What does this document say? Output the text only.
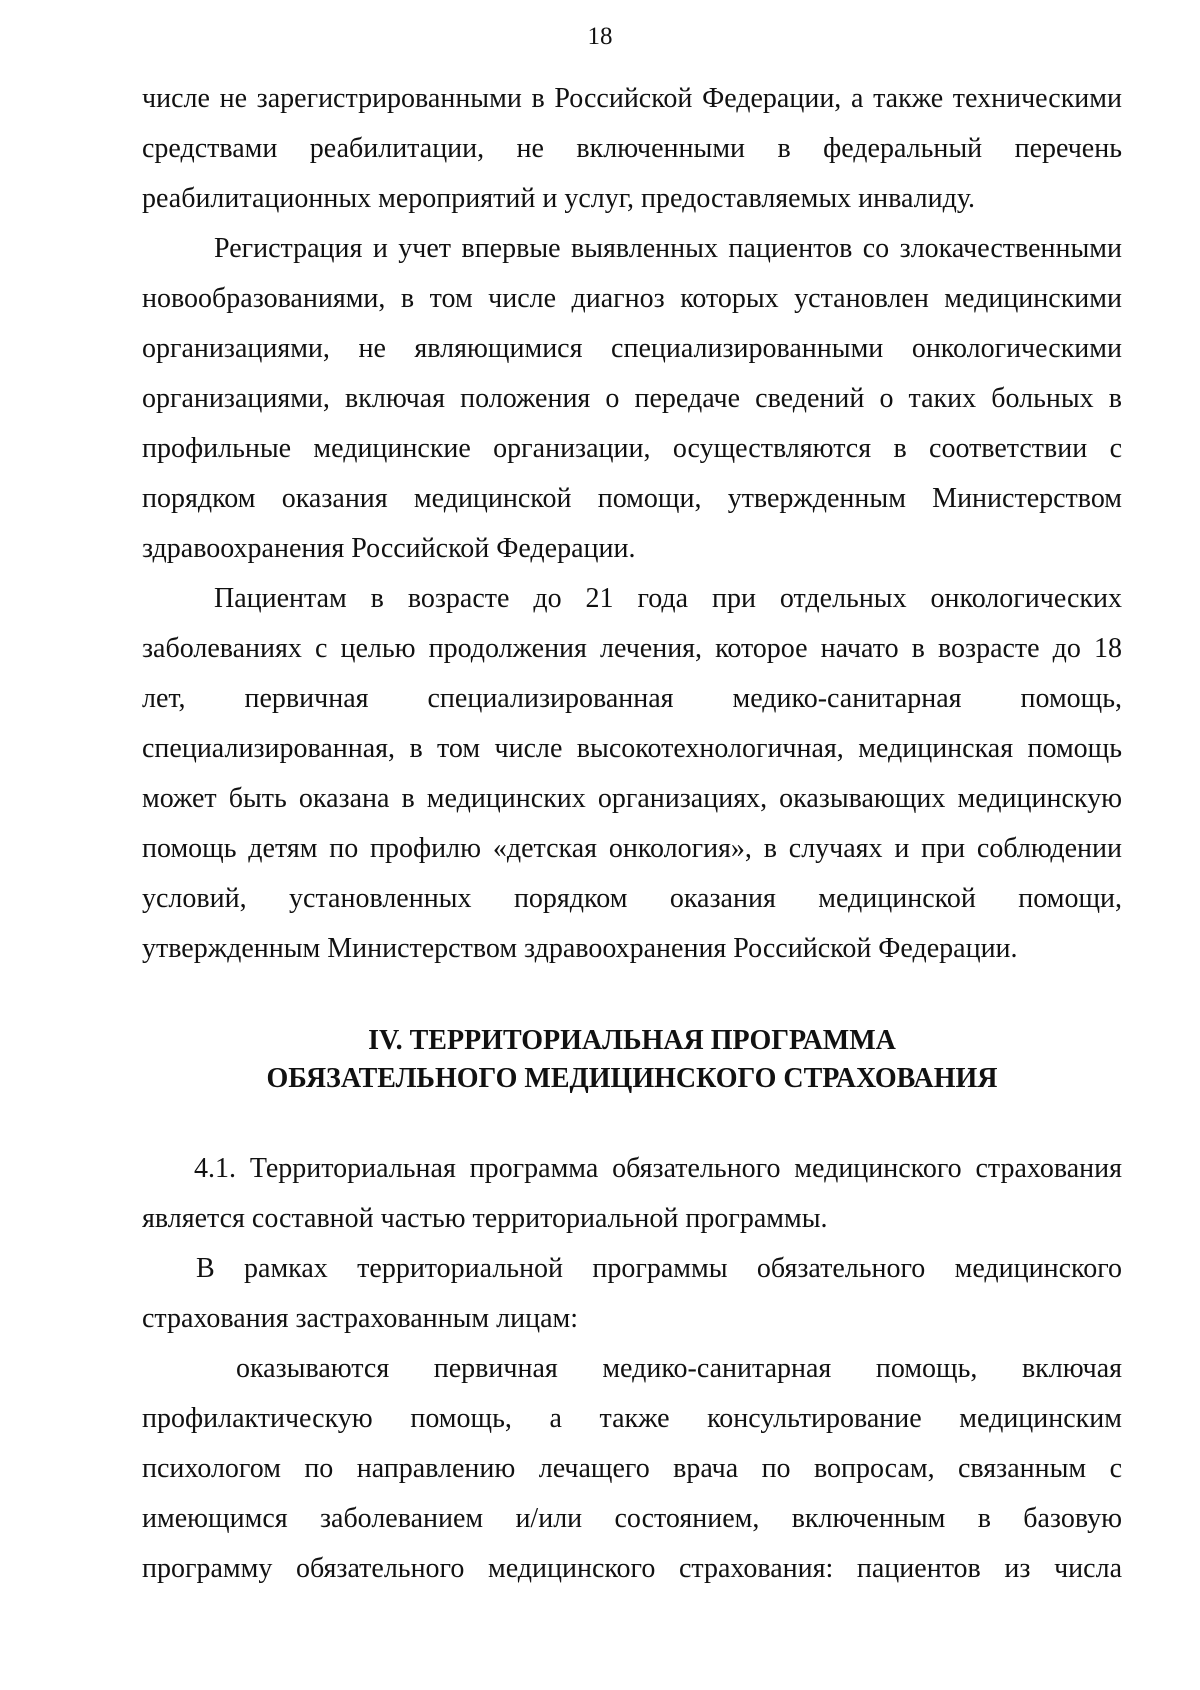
18
числе не зарегистрированными в Российской Федерации, а также техническими
средствами реабилитации, не включенными в федеральный перечень
реабилитационных мероприятий и услуг, предоставляемых инвалиду.
Регистрация и учет впервые выявленных пациентов со злокачественными
новообразованиями, в том числе диагноз которых установлен медицинскими
организациями, не являющимися специализированными онкологическими
организациями, включая положения о передаче сведений о таких больных в
профильные медицинские организации, осуществляются в соответствии с
порядком оказания медицинской помощи, утвержденным Министерством
здравоохранения Российской Федерации.
Пациентам в возрасте до 21 года при отдельных онкологических
заболеваниях с целью продолжения лечения, которое начато в возрасте до 18
лет, первичная специализированная медико-санитарная помощь,
специализированная, в том числе высокотехнологичная, медицинская помощь
может быть оказана в медицинских организациях, оказывающих медицинскую
помощь детям по профилю «детская онкология», в случаях и при соблюдении
условий, установленных порядком оказания медицинской помощи,
утвержденным Министерством здравоохранения Российской Федерации.
IV. ТЕРРИТОРИАЛЬНАЯ ПРОГРАММА
ОБЯЗАТЕЛЬНОГО МЕДИЦИНСКОГО СТРАХОВАНИЯ
4.1. Территориальная программа обязательного медицинского страхования
является составной частью территориальной программы.
В рамках территориальной программы обязательного медицинского
страхования застрахованным лицам:
оказываются первичная медико-санитарная помощь, включая
профилактическую помощь, а также консультирование медицинским
психологом по направлению лечащего врача по вопросам, связанным с
имеющимся заболеванием и/или состоянием, включенным в базовую
программу обязательного медицинского страхования: пациентов из числа
